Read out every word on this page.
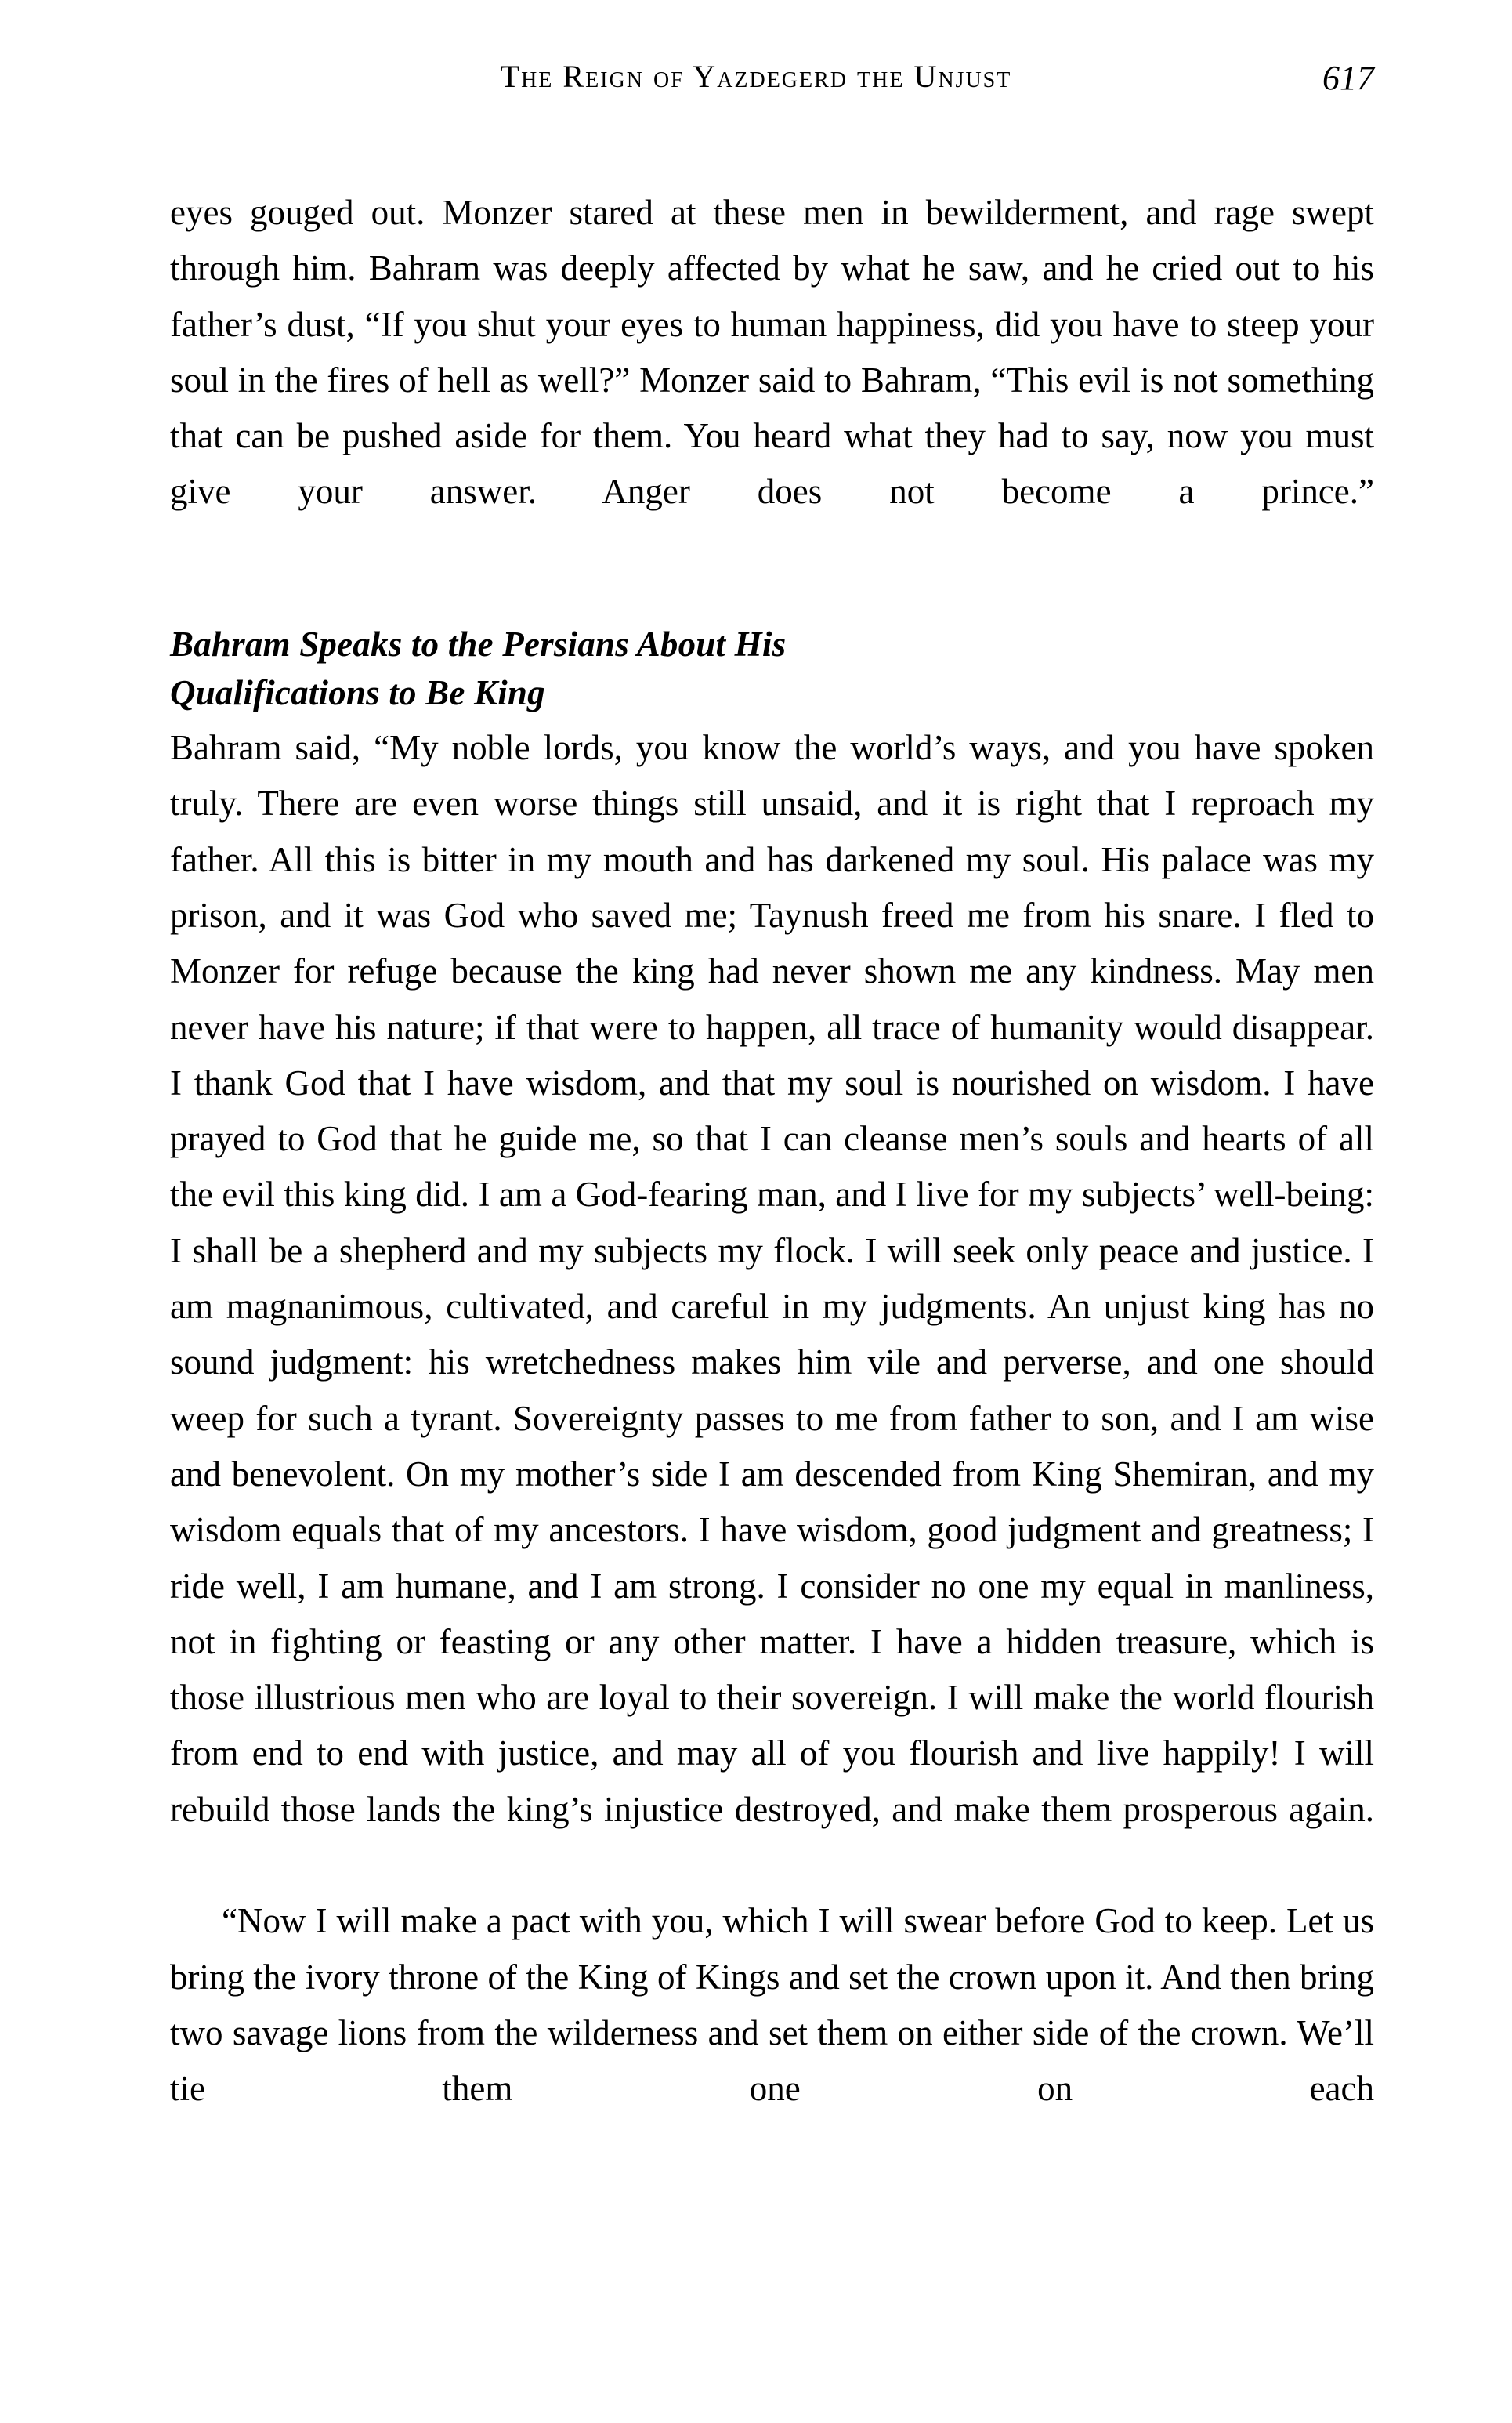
The Reign of Yazdegerd the Unjust	617

eyes gouged out. Monzer stared at these men in bewilderment, and rage swept through him. Bahram was deeply affected by what he saw, and he cried out to his father’s dust, “If you shut your eyes to human happiness, did you have to steep your soul in the fires of hell as well?” Monzer said to Bahram, “This evil is not something that can be pushed aside for them. You heard what they had to say, now you must give your answer. Anger does not become a prince.”

Bahram Speaks to the Persians About His
Qualifications to Be King

Bahram said, “My noble lords, you know the world’s ways, and you have spoken truly. There are even worse things still unsaid, and it is right that I reproach my father. All this is bitter in my mouth and has darkened my soul. His palace was my prison, and it was God who saved me; Taynush freed me from his snare. I fled to Monzer for refuge because the king had never shown me any kindness. May men never have his nature; if that were to happen, all trace of humanity would disappear. I thank God that I have wisdom, and that my soul is nourished on wisdom. I have prayed to God that he guide me, so that I can cleanse men’s souls and hearts of all the evil this king did. I am a God-fearing man, and I live for my subjects’ well-being: I shall be a shepherd and my subjects my flock. I will seek only peace and justice. I am magnanimous, cultivated, and careful in my judgments. An unjust king has no sound judgment: his wretchedness makes him vile and perverse, and one should weep for such a tyrant. Sovereignty passes to me from father to son, and I am wise and benevolent. On my mother’s side I am descended from King Shemiran, and my wisdom equals that of my ancestors. I have wisdom, good judgment and greatness; I ride well, I am humane, and I am strong. I consider no one my equal in manliness, not in fighting or feasting or any other matter. I have a hidden treasure, which is those illustrious men who are loyal to their sovereign. I will make the world flourish from end to end with justice, and may all of you flourish and live happily! I will rebuild those lands the king’s injustice destroyed, and make them prosperous again.

“Now I will make a pact with you, which I will swear before God to keep. Let us bring the ivory throne of the King of Kings and set the crown upon it. And then bring two savage lions from the wilderness and set them on either side of the crown. We’ll tie them one on each
